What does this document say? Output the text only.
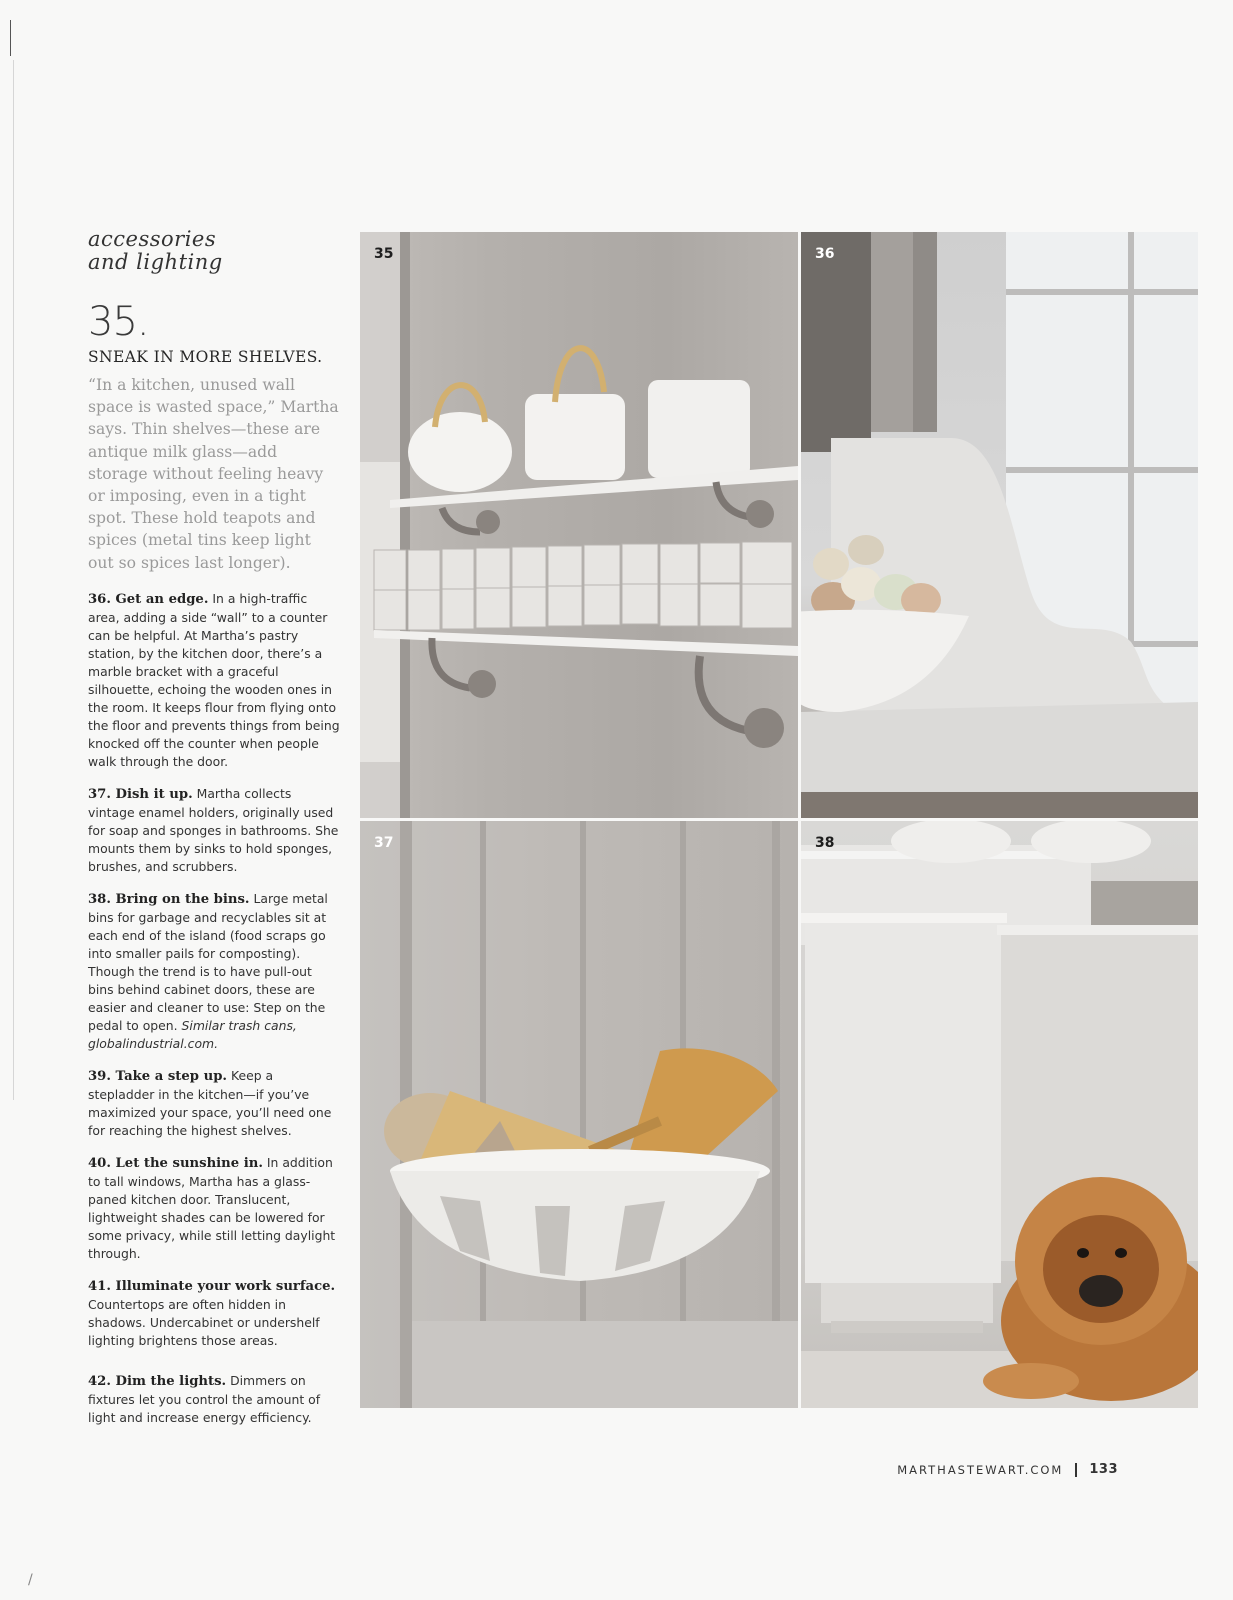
accessories
and lighting

35.
SNEAK IN MORE SHELVES.

“In a kitchen, unused wall space is wasted space,” Martha says. Thin shelves—these are antique milk glass—add storage without feeling heavy or imposing, even in a tight spot. These hold teapots and spices (metal tins keep light out so spices last longer).

36. Get an edge. In a high-traffic area, adding a side “wall” to a counter can be helpful. At Martha’s pastry station, by the kitchen door, there’s a marble bracket with a graceful silhouette, echoing the wooden ones in the room. It keeps flour from flying onto the floor and prevents things from being knocked off the counter when people walk through the door.

37. Dish it up. Martha collects vintage enamel holders, originally used for soap and sponges in bathrooms. She mounts them by sinks to hold sponges, brushes, and scrubbers.

38. Bring on the bins. Large metal bins for garbage and recyclables sit at each end of the island (food scraps go into smaller pails for composting). Though the trend is to have pull-out bins behind cabinet doors, these are easier and cleaner to use: Step on the pedal to open. Similar trash cans, globalindustrial.com.

39. Take a step up. Keep a stepladder in the kitchen—if you’ve maximized your space, you’ll need one for reaching the highest shelves.

40. Let the sunshine in. In addition to tall windows, Martha has a glass-paned kitchen door. Translucent, lightweight shades can be lowered for some privacy, while still letting daylight through.

41. Illuminate your work surface. Countertops are often hidden in shadows. Undercabinet or undershelf lighting brightens those areas.

42. Dim the lights. Dimmers on fixtures let you control the amount of light and increase energy efficiency.

35	36
37	38
MARTHASTEWART.COM 133
/
